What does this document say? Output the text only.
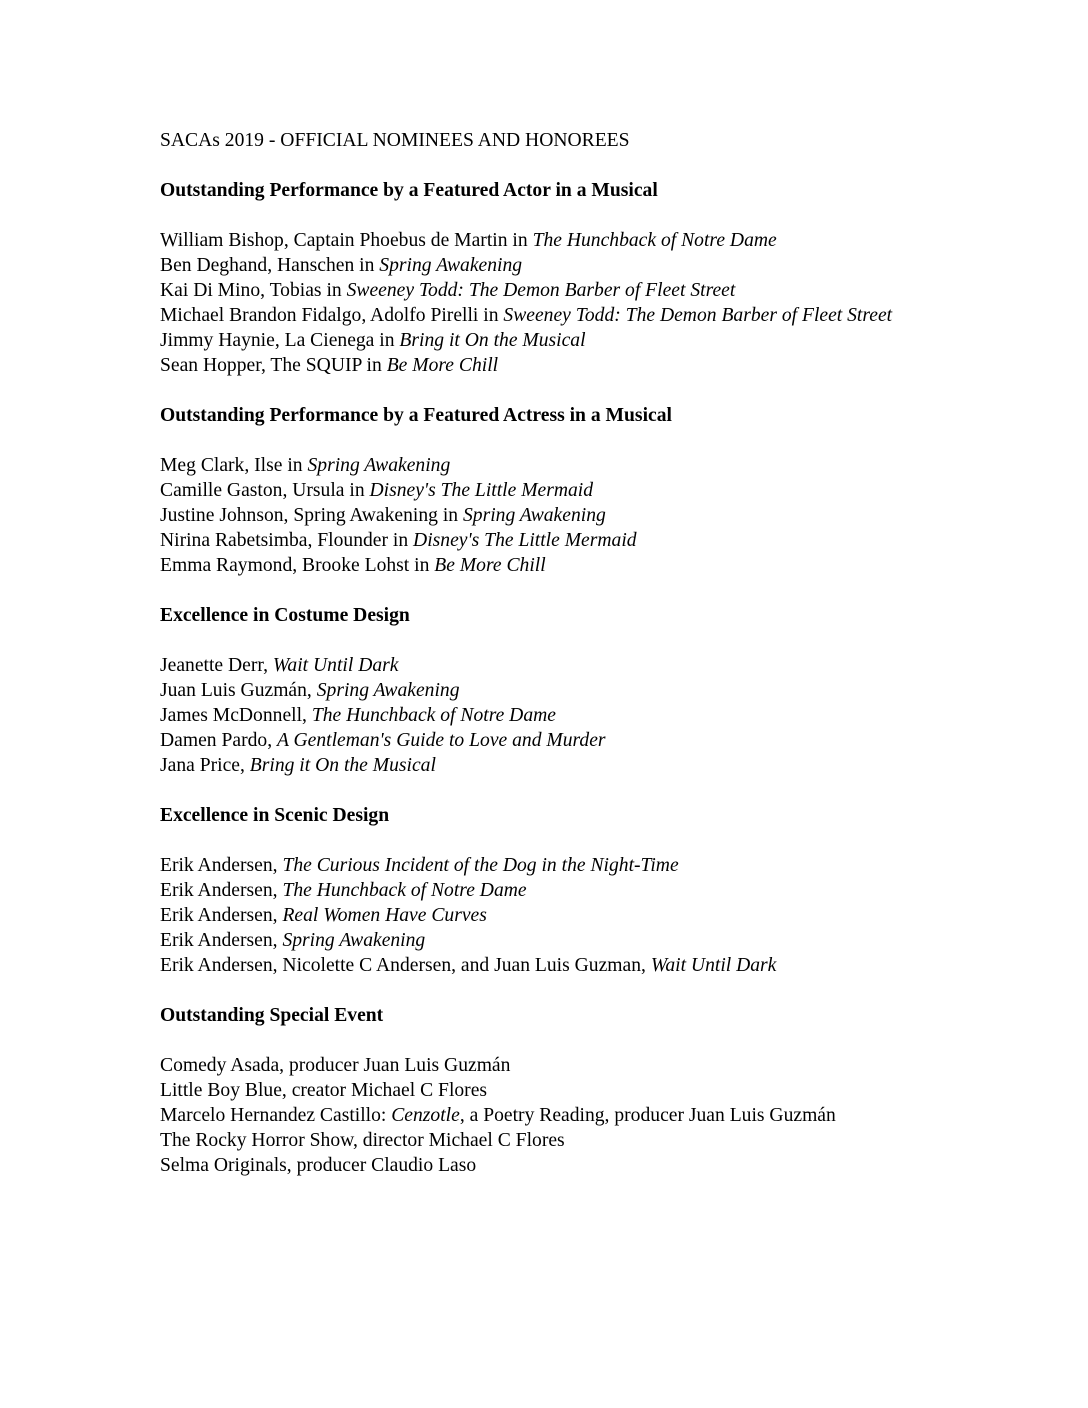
SACAs 2019 - OFFICIAL NOMINEES AND HONOREES

Outstanding Performance by a Featured Actor in a Musical

William Bishop, Captain Phoebus de Martin in The Hunchback of Notre Dame

Ben Deghand, Hanschen in Spring Awakening

Kai Di Mino, Tobias in Sweeney Todd: The Demon Barber of Fleet Street

Michael Brandon Fidalgo, Adolfo Pirelli in Sweeney Todd: The Demon Barber of Fleet Street

Jimmy Haynie, La Cienega in Bring it On the Musical

Sean Hopper, The SQUIP in Be More Chill

Outstanding Performance by a Featured Actress in a Musical

Meg Clark, Ilse in Spring Awakening

Camille Gaston, Ursula in Disney's The Little Mermaid

Justine Johnson, Spring Awakening in Spring Awakening

Nirina Rabetsimba, Flounder in Disney's The Little Mermaid

Emma Raymond, Brooke Lohst in Be More Chill

Excellence in Costume Design

Jeanette Derr, Wait Until Dark

Juan Luis Guzmán, Spring Awakening

James McDonnell, The Hunchback of Notre Dame

Damen Pardo, A Gentleman's Guide to Love and Murder

Jana Price, Bring it On the Musical

Excellence in Scenic Design

Erik Andersen, The Curious Incident of the Dog in the Night-Time

Erik Andersen, The Hunchback of Notre Dame

Erik Andersen, Real Women Have Curves

Erik Andersen, Spring Awakening

Erik Andersen, Nicolette C Andersen, and Juan Luis Guzman, Wait Until Dark

Outstanding Special Event

Comedy Asada, producer Juan Luis Guzmán

Little Boy Blue, creator Michael C Flores

Marcelo Hernandez Castillo: Cenzotle, a Poetry Reading, producer Juan Luis Guzmán

The Rocky Horror Show, director Michael C Flores

Selma Originals, producer Claudio Laso
